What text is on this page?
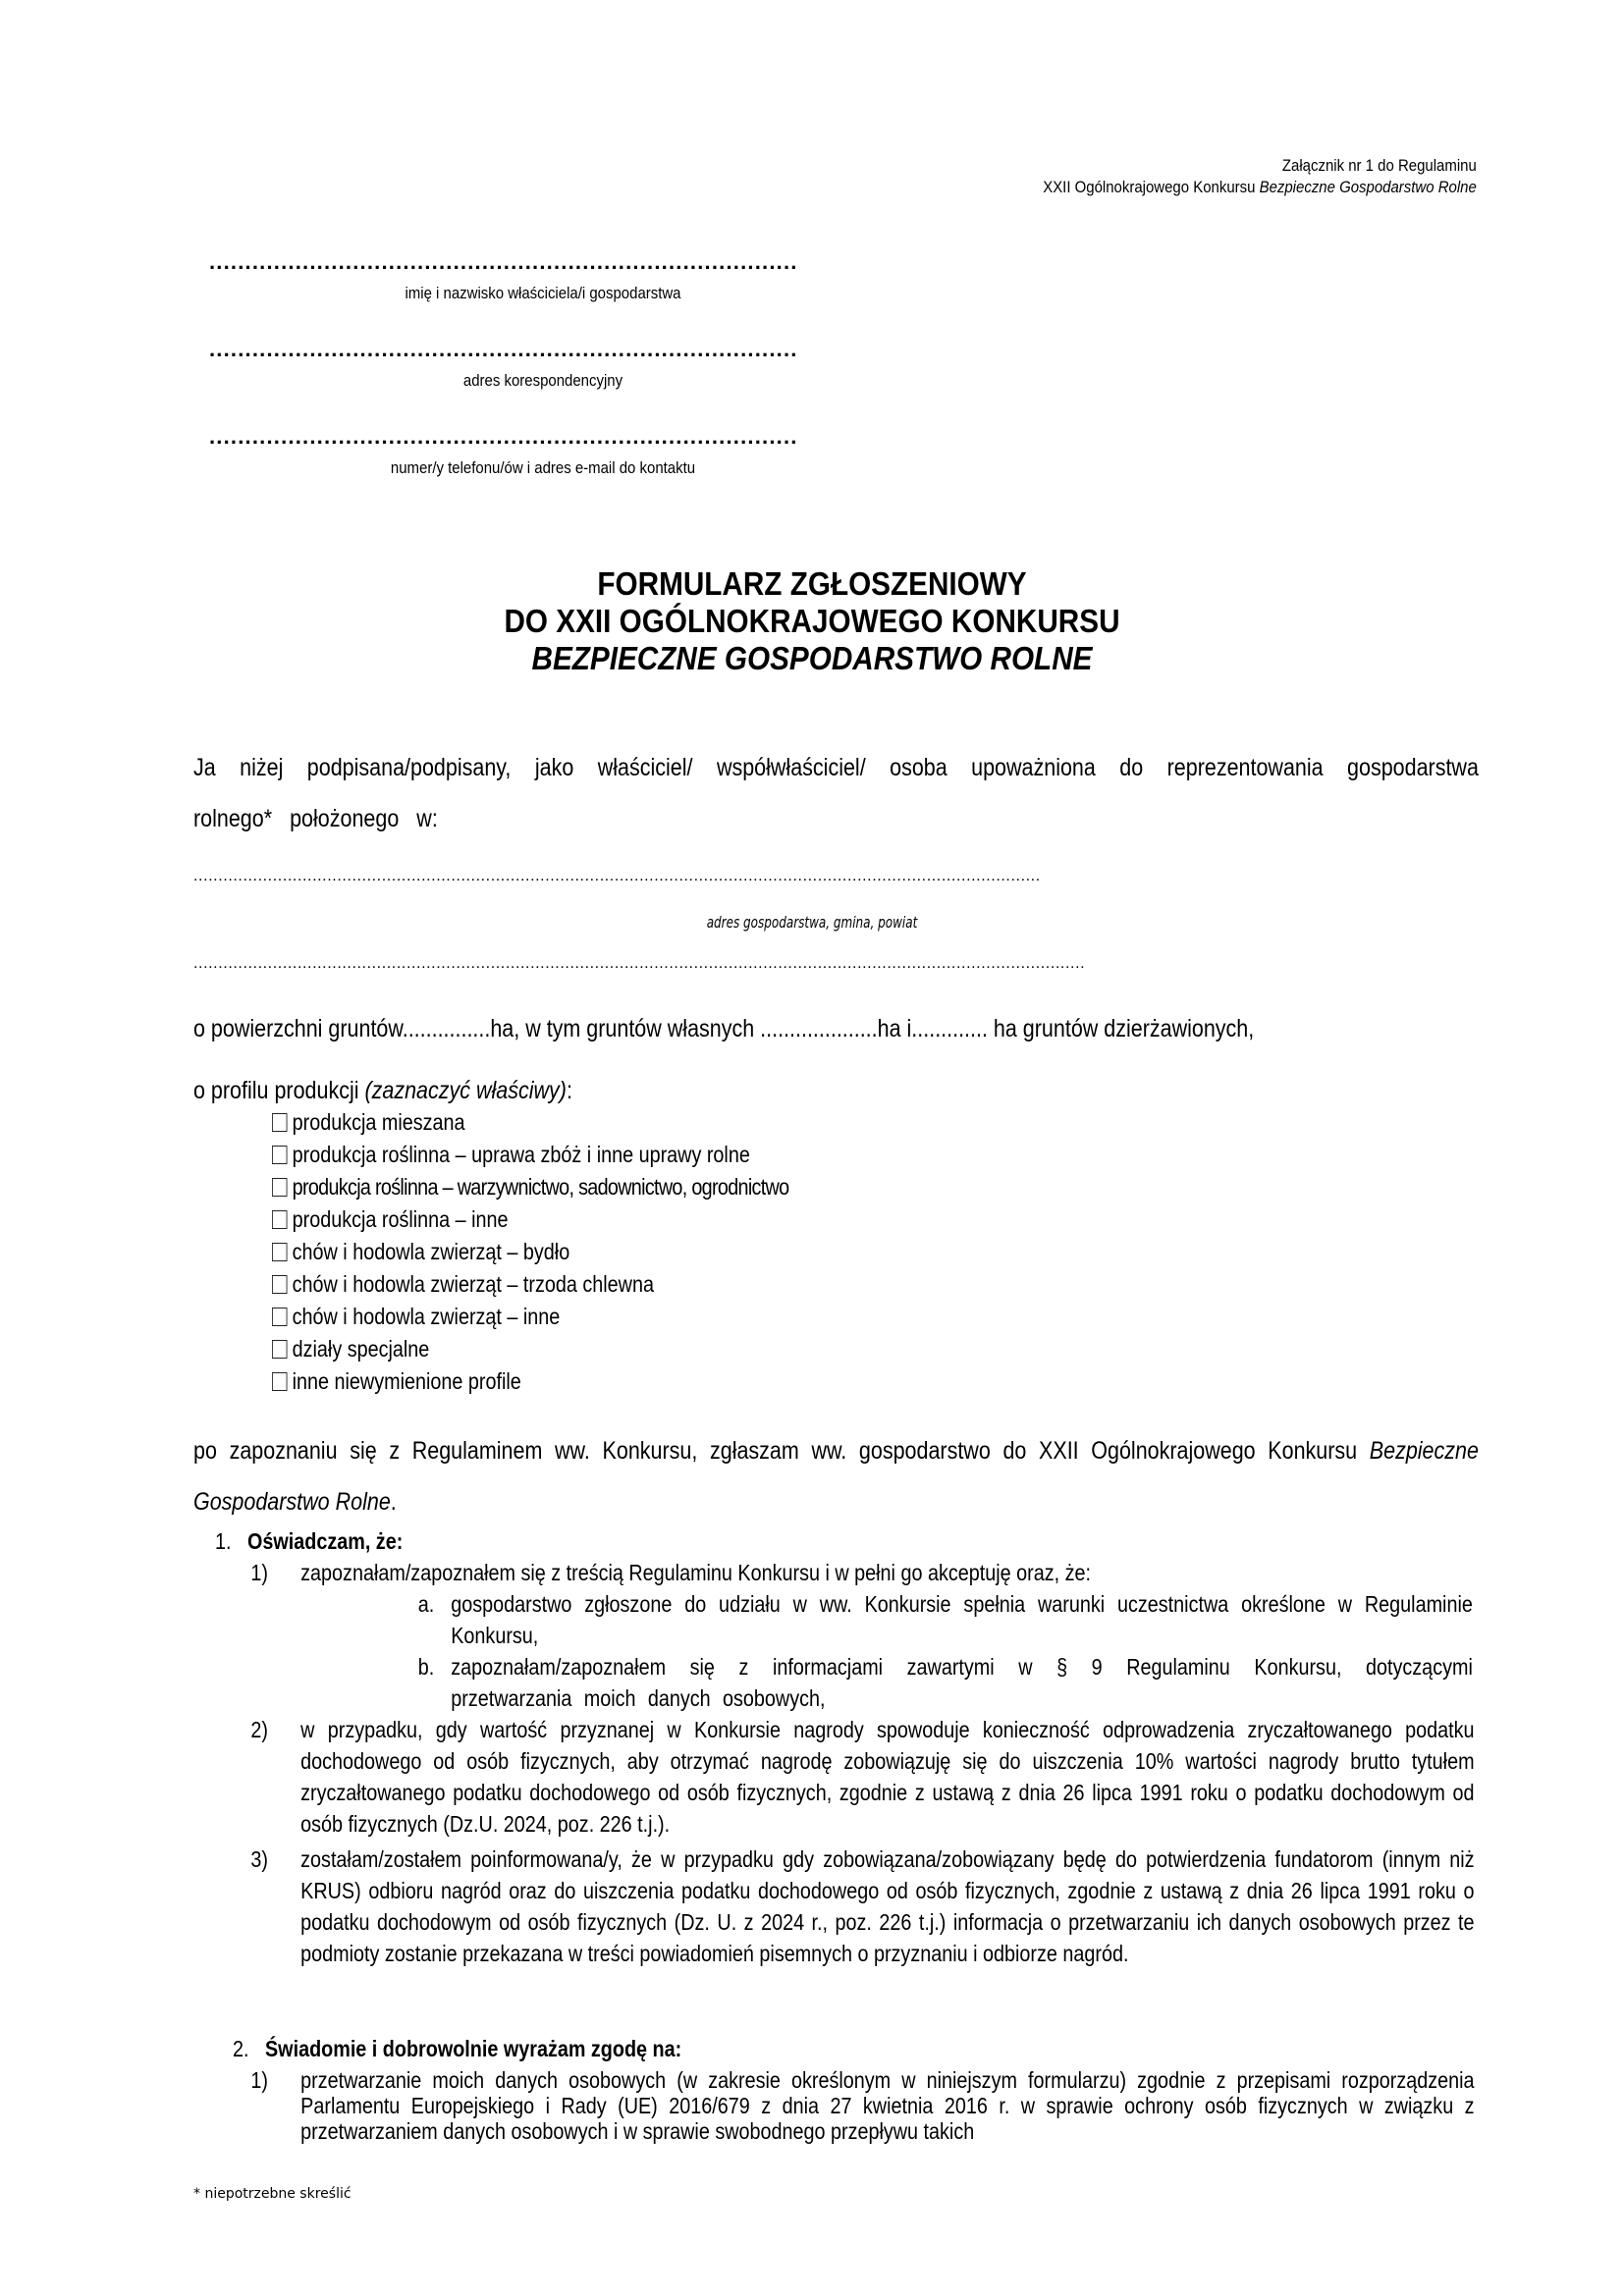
Załącznik nr 1 do Regulaminu
XXII Ogólnokrajowego Konkursu Bezpieczne Gospodarstwo Rolne
..................................................................................
imię i nazwisko właściciela/i gospodarstwa
..................................................................................
adres korespondencyjny
..................................................................................
numer/y telefonu/ów i adres e-mail do kontaktu
FORMULARZ ZGŁOSZENIOWY
DO XXII OGÓLNOKRAJOWEGO KONKURSU
BEZPIECZNE GOSPODARSTWO ROLNE
Ja niżej podpisana/podpisany, jako właściciel/ współwłaściciel/ osoba upoważniona do reprezentowania gospodarstwa rolnego* położonego w:
...........................................................................................................................................................................
adres gospodarstwa, gmina, powiat
....................................................................................................................................................................................
o powierzchni gruntów...............ha, w tym gruntów własnych ....................ha i............. ha gruntów dzierżawionych,
o profilu produkcji (zaznaczyć właściwy):
produkcja mieszana
produkcja roślinna – uprawa zbóż i inne uprawy rolne
produkcja roślinna – warzywnictwo, sadownictwo, ogrodnictwo
produkcja roślinna – inne
chów i hodowla zwierząt – bydło
chów i hodowla zwierząt – trzoda chlewna
chów i hodowla zwierząt – inne
działy specjalne
inne niewymienione profile
po zapoznaniu się z Regulaminem ww. Konkursu, zgłaszam ww. gospodarstwo do XXII Ogólnokrajowego Konkursu Bezpieczne Gospodarstwo Rolne.
1. Oświadczam, że:
1) zapoznałam/zapoznałem się z treścią Regulaminu Konkursu i w pełni go akceptuję oraz, że:
a. gospodarstwo zgłoszone do udziału w ww. Konkursie spełnia warunki uczestnictwa określone w Regulaminie Konkursu,
b. zapoznałam/zapoznałem się z informacjami zawartymi w § 9 Regulaminu Konkursu, dotyczącymi przetwarzania moich danych osobowych,
2) w przypadku, gdy wartość przyznanej w Konkursie nagrody spowoduje konieczność odprowadzenia zryczałtowanego podatku dochodowego od osób fizycznych, aby otrzymać nagrodę zobowiązuję się do uiszczenia 10% wartości nagrody brutto tytułem zryczałtowanego podatku dochodowego od osób fizycznych, zgodnie z ustawą z dnia 26 lipca 1991 roku o podatku dochodowym od osób fizycznych (Dz.U. 2024, poz. 226 t.j.).
3) zostałam/zostałem poinformowana/y, że w przypadku gdy zobowiązana/zobowiązany będę do potwierdzenia fundatorom (innym niż KRUS) odbioru nagród oraz do uiszczenia podatku dochodowego od osób fizycznych, zgodnie z ustawą z dnia 26 lipca 1991 roku o podatku dochodowym od osób fizycznych (Dz. U. z 2024 r., poz. 226 t.j.) informacja o przetwarzaniu ich danych osobowych przez te podmioty zostanie przekazana w treści powiadomień pisemnych o przyznaniu i odbiorze nagród.
2. Świadomie i dobrowolnie wyrażam zgodę na:
1) przetwarzanie moich danych osobowych (w zakresie określonym w niniejszym formularzu) zgodnie z przepisami rozporządzenia Parlamentu Europejskiego i Rady (UE) 2016/679 z dnia 27 kwietnia 2016 r. w sprawie ochrony osób fizycznych w związku z przetwarzaniem danych osobowych i w sprawie swobodnego przepływu takich
* niepotrzebne skreślić
